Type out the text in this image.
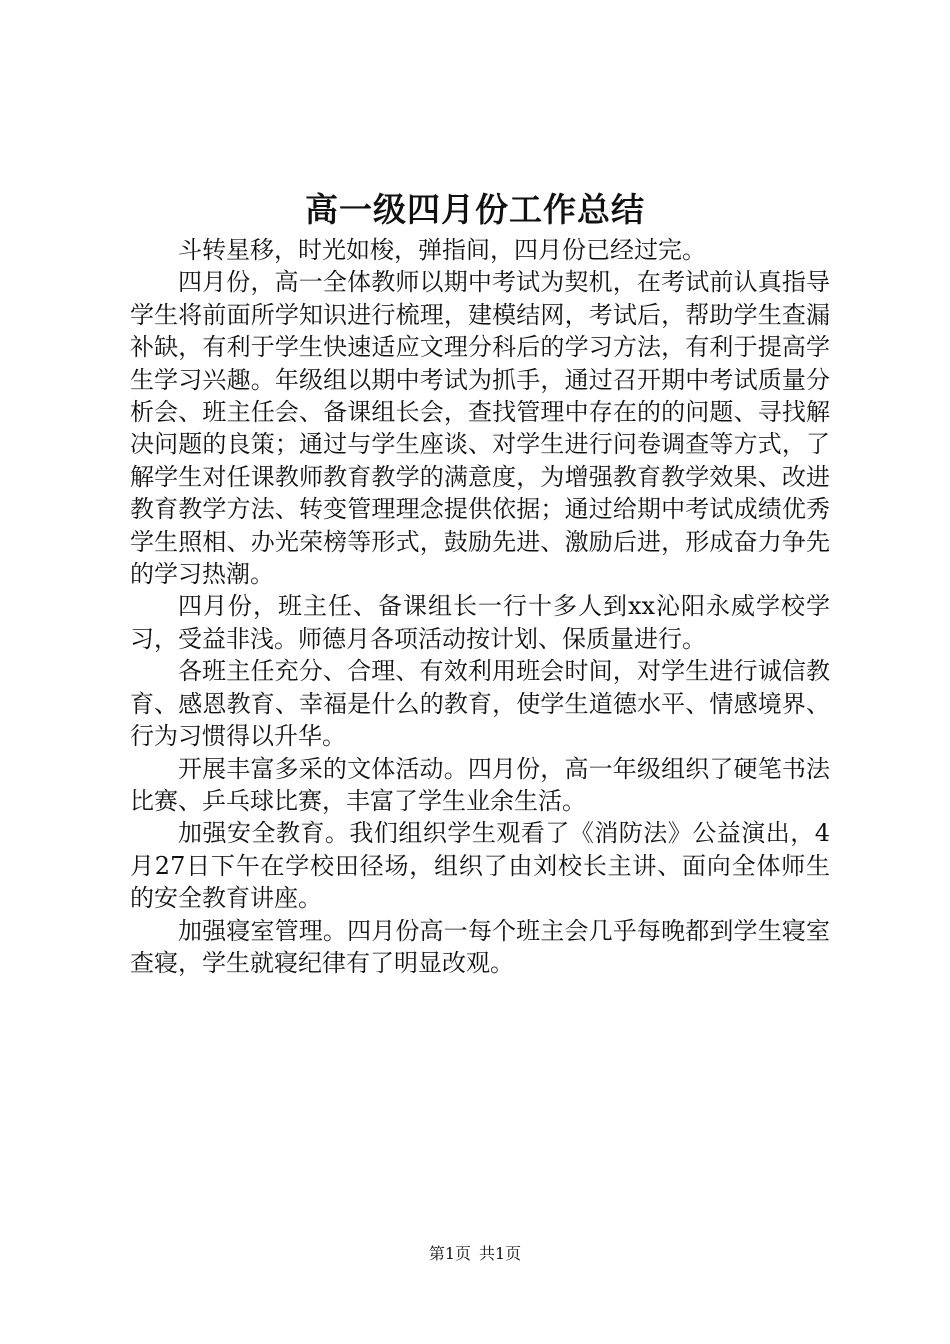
高一级四月份工作总结

斗转星移，时光如梭，弹指间，四月份已经过完。

四月份，高一全体教师以期中考试为契机，在考试前认真指导学生将前面所学知识进行梳理，建模结网，考试后，帮助学生查漏补缺，有利于学生快速适应文理分科后的学习方法，有利于提高学生学习兴趣。年级组以期中考试为抓手，通过召开期中考试质量分析会、班主任会、备课组长会，查找管理中存在的的问题、寻找解决问题的良策；通过与学生座谈、对学生进行问卷调查等方式，了解学生对任课教师教育教学的满意度，为增强教育教学效果、改进教育教学方法、转变管理理念提供依据；通过给期中考试成绩优秀学生照相、办光荣榜等形式，鼓励先进、激励后进，形成奋力争先的学习热潮。

四月份，班主任、备课组长一行十多人到xx沁阳永威学校学习，受益非浅。师德月各项活动按计划、保质量进行。

各班主任充分、合理、有效利用班会时间，对学生进行诚信教育、感恩教育、幸福是什么的教育，使学生道德水平、情感境界、行为习惯得以升华。

开展丰富多采的文体活动。四月份，高一年级组织了硬笔书法比赛、乒乓球比赛，丰富了学生业余生活。

加强安全教育。我们组织学生观看了《消防法》公益演出，4月27日下午在学校田径场，组织了由刘校长主讲、面向全体师生的安全教育讲座。

加强寝室管理。四月份高一每个班主会几乎每晚都到学生寝室查寝，学生就寝纪律有了明显改观。

第1页 共1页
